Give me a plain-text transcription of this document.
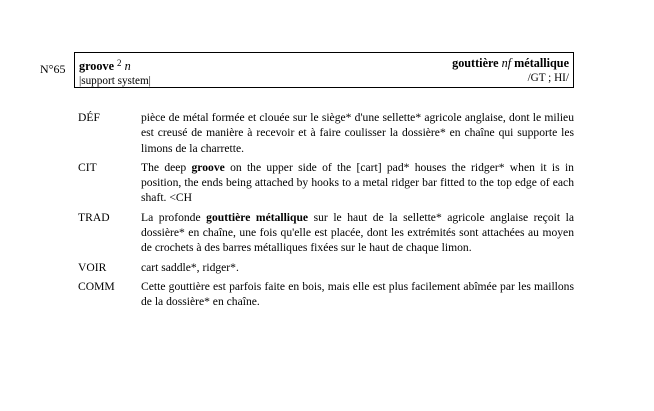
N°65 groove $^2$ n
|support system|
gouttière nf métallique
/GT ; HI/
DÉF	pièce de métal formée et clouée sur le siège* d'une sellette* agricole anglaise, dont le milieu est creusé de manière à recevoir et à faire coulisser la dossière* en chaîne qui supporte les limons de la charrette.
CIT	The deep groove on the upper side of the [cart] pad* houses the ridger* when it is in position, the ends being attached by hooks to a metal ridger bar fitted to the top edge of each shaft. <CH
TRAD	La profonde gouttière métallique sur le haut de la sellette* agricole anglaise reçoit la dossière* en chaîne, une fois qu'elle est placée, dont les extrémités sont attachées au moyen de crochets à des barres métalliques fixées sur le haut de chaque limon.
VOIR	cart saddle*, ridger*.
COMM	Cette gouttière est parfois faite en bois, mais elle est plus facilement abîmée par les maillons de la dossière* en chaîne.
